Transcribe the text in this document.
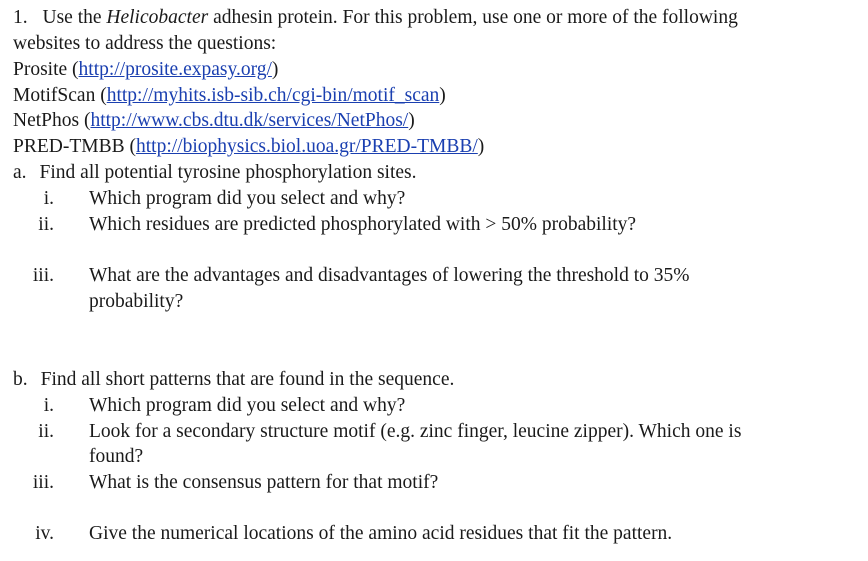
1. Use the Helicobacter adhesin protein. For this problem, use one or more of the following
websites to address the questions:
Prosite (http://prosite.expasy.org/)
MotifScan (http://myhits.isb-sib.ch/cgi-bin/motif_scan)
NetPhos (http://www.cbs.dtu.dk/services/NetPhos/)
PRED-TMBB (http://biophysics.biol.uoa.gr/PRED-TMBB/)
a. Find all potential tyrosine phosphorylation sites.
i. Which program did you select and why?
ii. Which residues are predicted phosphorylated with > 50% probability?
iii. What are the advantages and disadvantages of lowering the threshold to 35%
probability?
b. Find all short patterns that are found in the sequence.
i. Which program did you select and why?
ii. Look for a secondary structure motif (e.g. zinc finger, leucine zipper). Which one is
found?
iii. What is the consensus pattern for that motif?
iv. Give the numerical locations of the amino acid residues that fit the pattern.
